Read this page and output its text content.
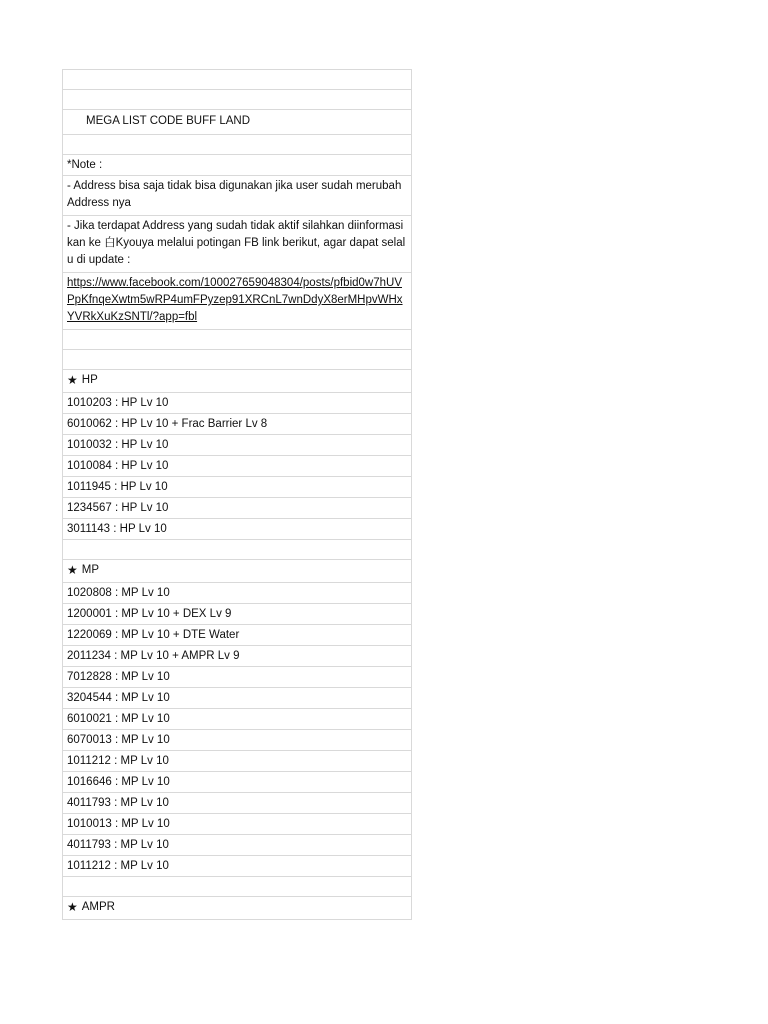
MEGA LIST CODE BUFF LAND
*Note :
- Address bisa saja tidak bisa digunakan jika user sudah merubah Address nya
- Jika terdapat Address yang sudah tidak aktif silahkan diinformasikan ke 白Kyouya melalui potingan FB link berikut, agar dapat selalu di update :
https://www.facebook.com/100027659048304/posts/pfbid0w7hUVPpKfnqeXwtm5wRP4umFPyzep91XRCnL7wnDdyX8erMHpvWHxYVRkXuKzSNTl/?app=fbl
★ HP
1010203 : HP Lv 10
6010062 : HP Lv 10 + Frac Barrier Lv 8
1010032 : HP Lv 10
1010084 : HP Lv 10
1011945 : HP Lv 10
1234567 : HP Lv 10
3011143 : HP Lv 10
★ MP
1020808 : MP Lv 10
1200001 : MP Lv 10 + DEX Lv 9
1220069 : MP Lv 10 + DTE Water
2011234 : MP Lv 10 + AMPR Lv 9
7012828 : MP Lv 10
3204544 : MP Lv 10
6010021 : MP Lv 10
6070013 : MP Lv 10
1011212 : MP Lv 10
1016646 : MP Lv 10
4011793 : MP Lv 10
1010013 : MP Lv 10
4011793 : MP Lv 10
1011212 : MP Lv 10
★ AMPR
